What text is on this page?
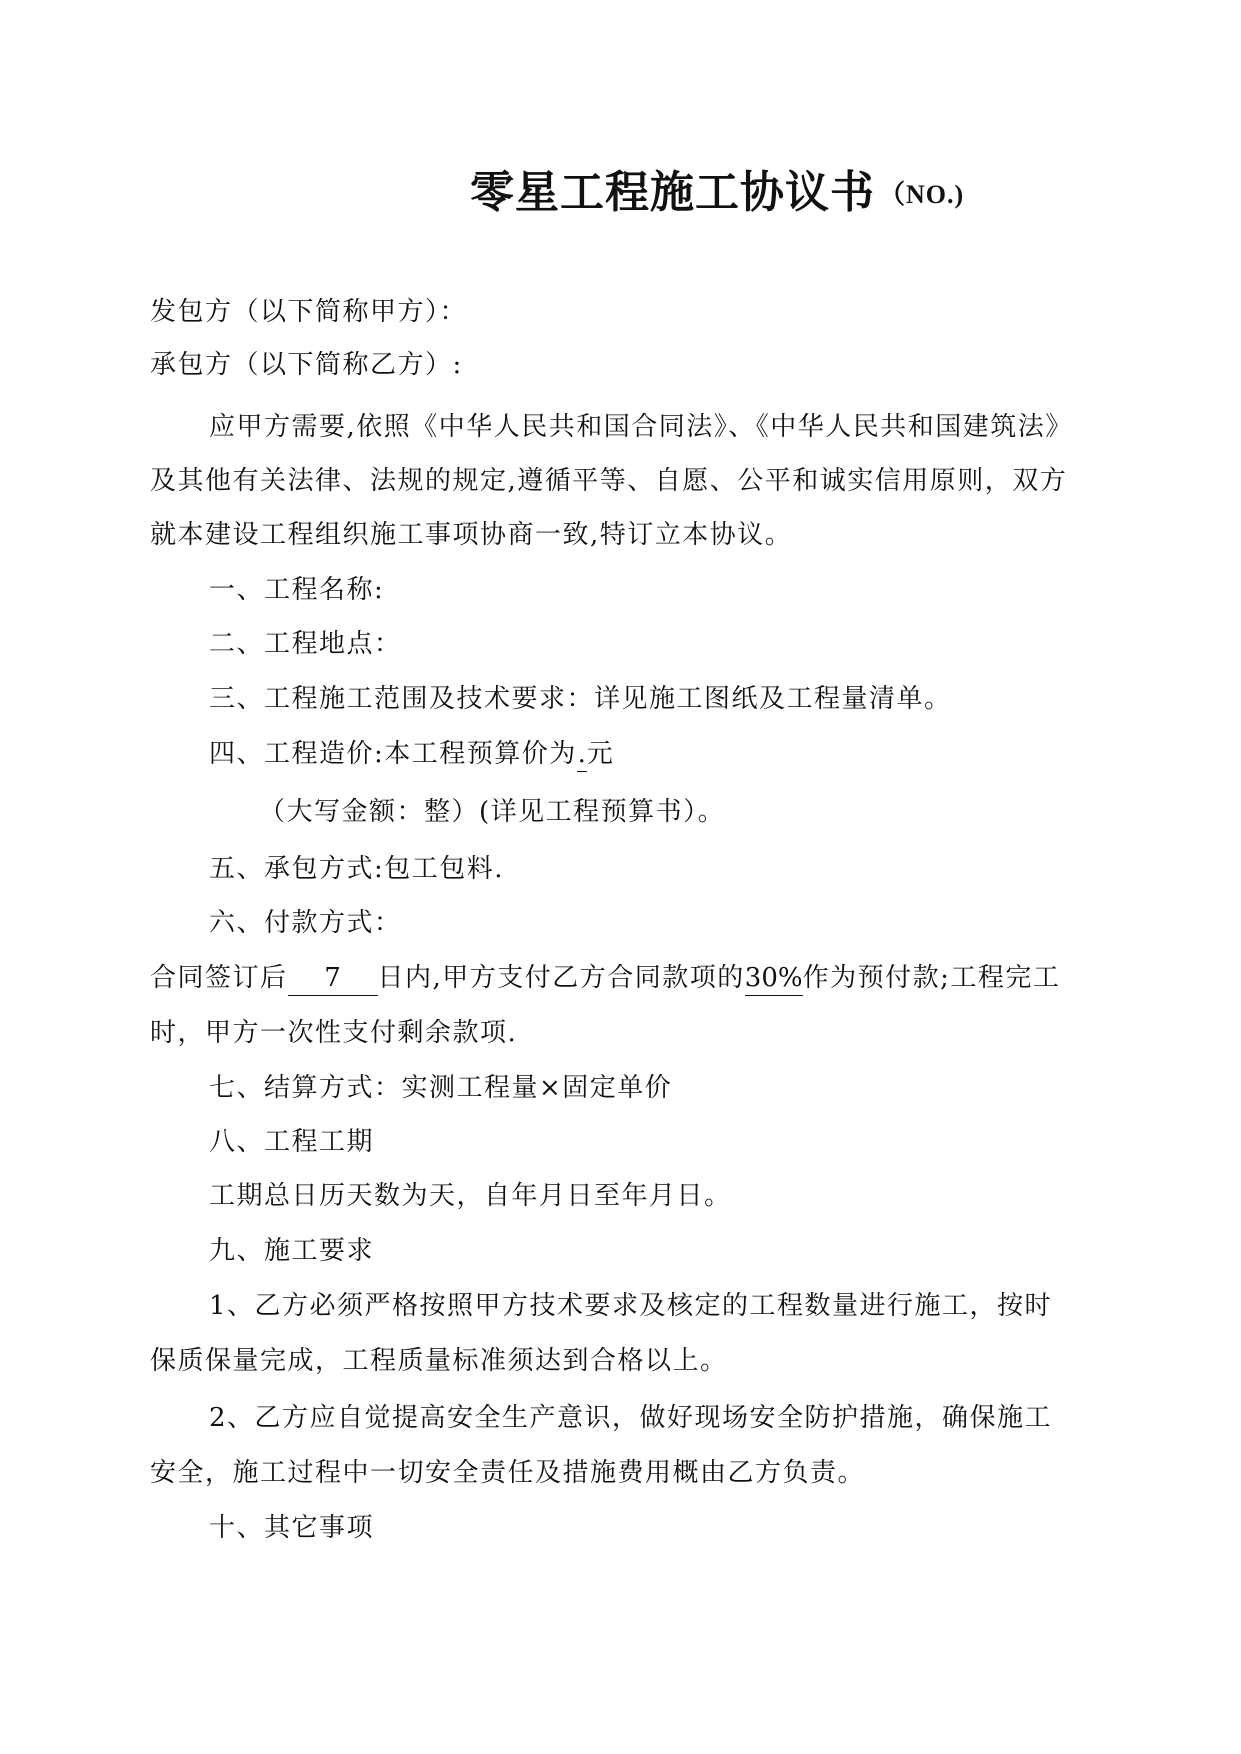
零星工程施工协议书 （NO.)
发包方（以下简称甲方）：
承包方（以下简称乙方）:
应甲方需要,依照《中华人民共和国合同法》、《中华人民共和国建筑法》
及其他有关法律、法规的规定,遵循平等、自愿、公平和诚实信用原则，双方
就本建设工程组织施工事项协商一致,特订立本协议。
一、工程名称:
二、工程地点：
三、工程施工范围及技术要求：详见施工图纸及工程量清单。
四、工程造价:本工程预算价为.元
（大写金额：整）(详见工程预算书）。
五、承包方式:包工包料.
六、付款方式：
合同签订后 7 日内,甲方支付乙方合同款项的30%作为预付款;工程完工
时，甲方一次性支付剩余款项.
七、结算方式：实测工程量×固定单价
八、工程工期
工期总日历天数为天，自年月日至年月日。
九、施工要求
1、乙方必须严格按照甲方技术要求及核定的工程数量进行施工，按时
保质保量完成，工程质量标准须达到合格以上。
2、乙方应自觉提高安全生产意识，做好现场安全防护措施，确保施工
安全，施工过程中一切安全责任及措施费用概由乙方负责。
十、其它事项
